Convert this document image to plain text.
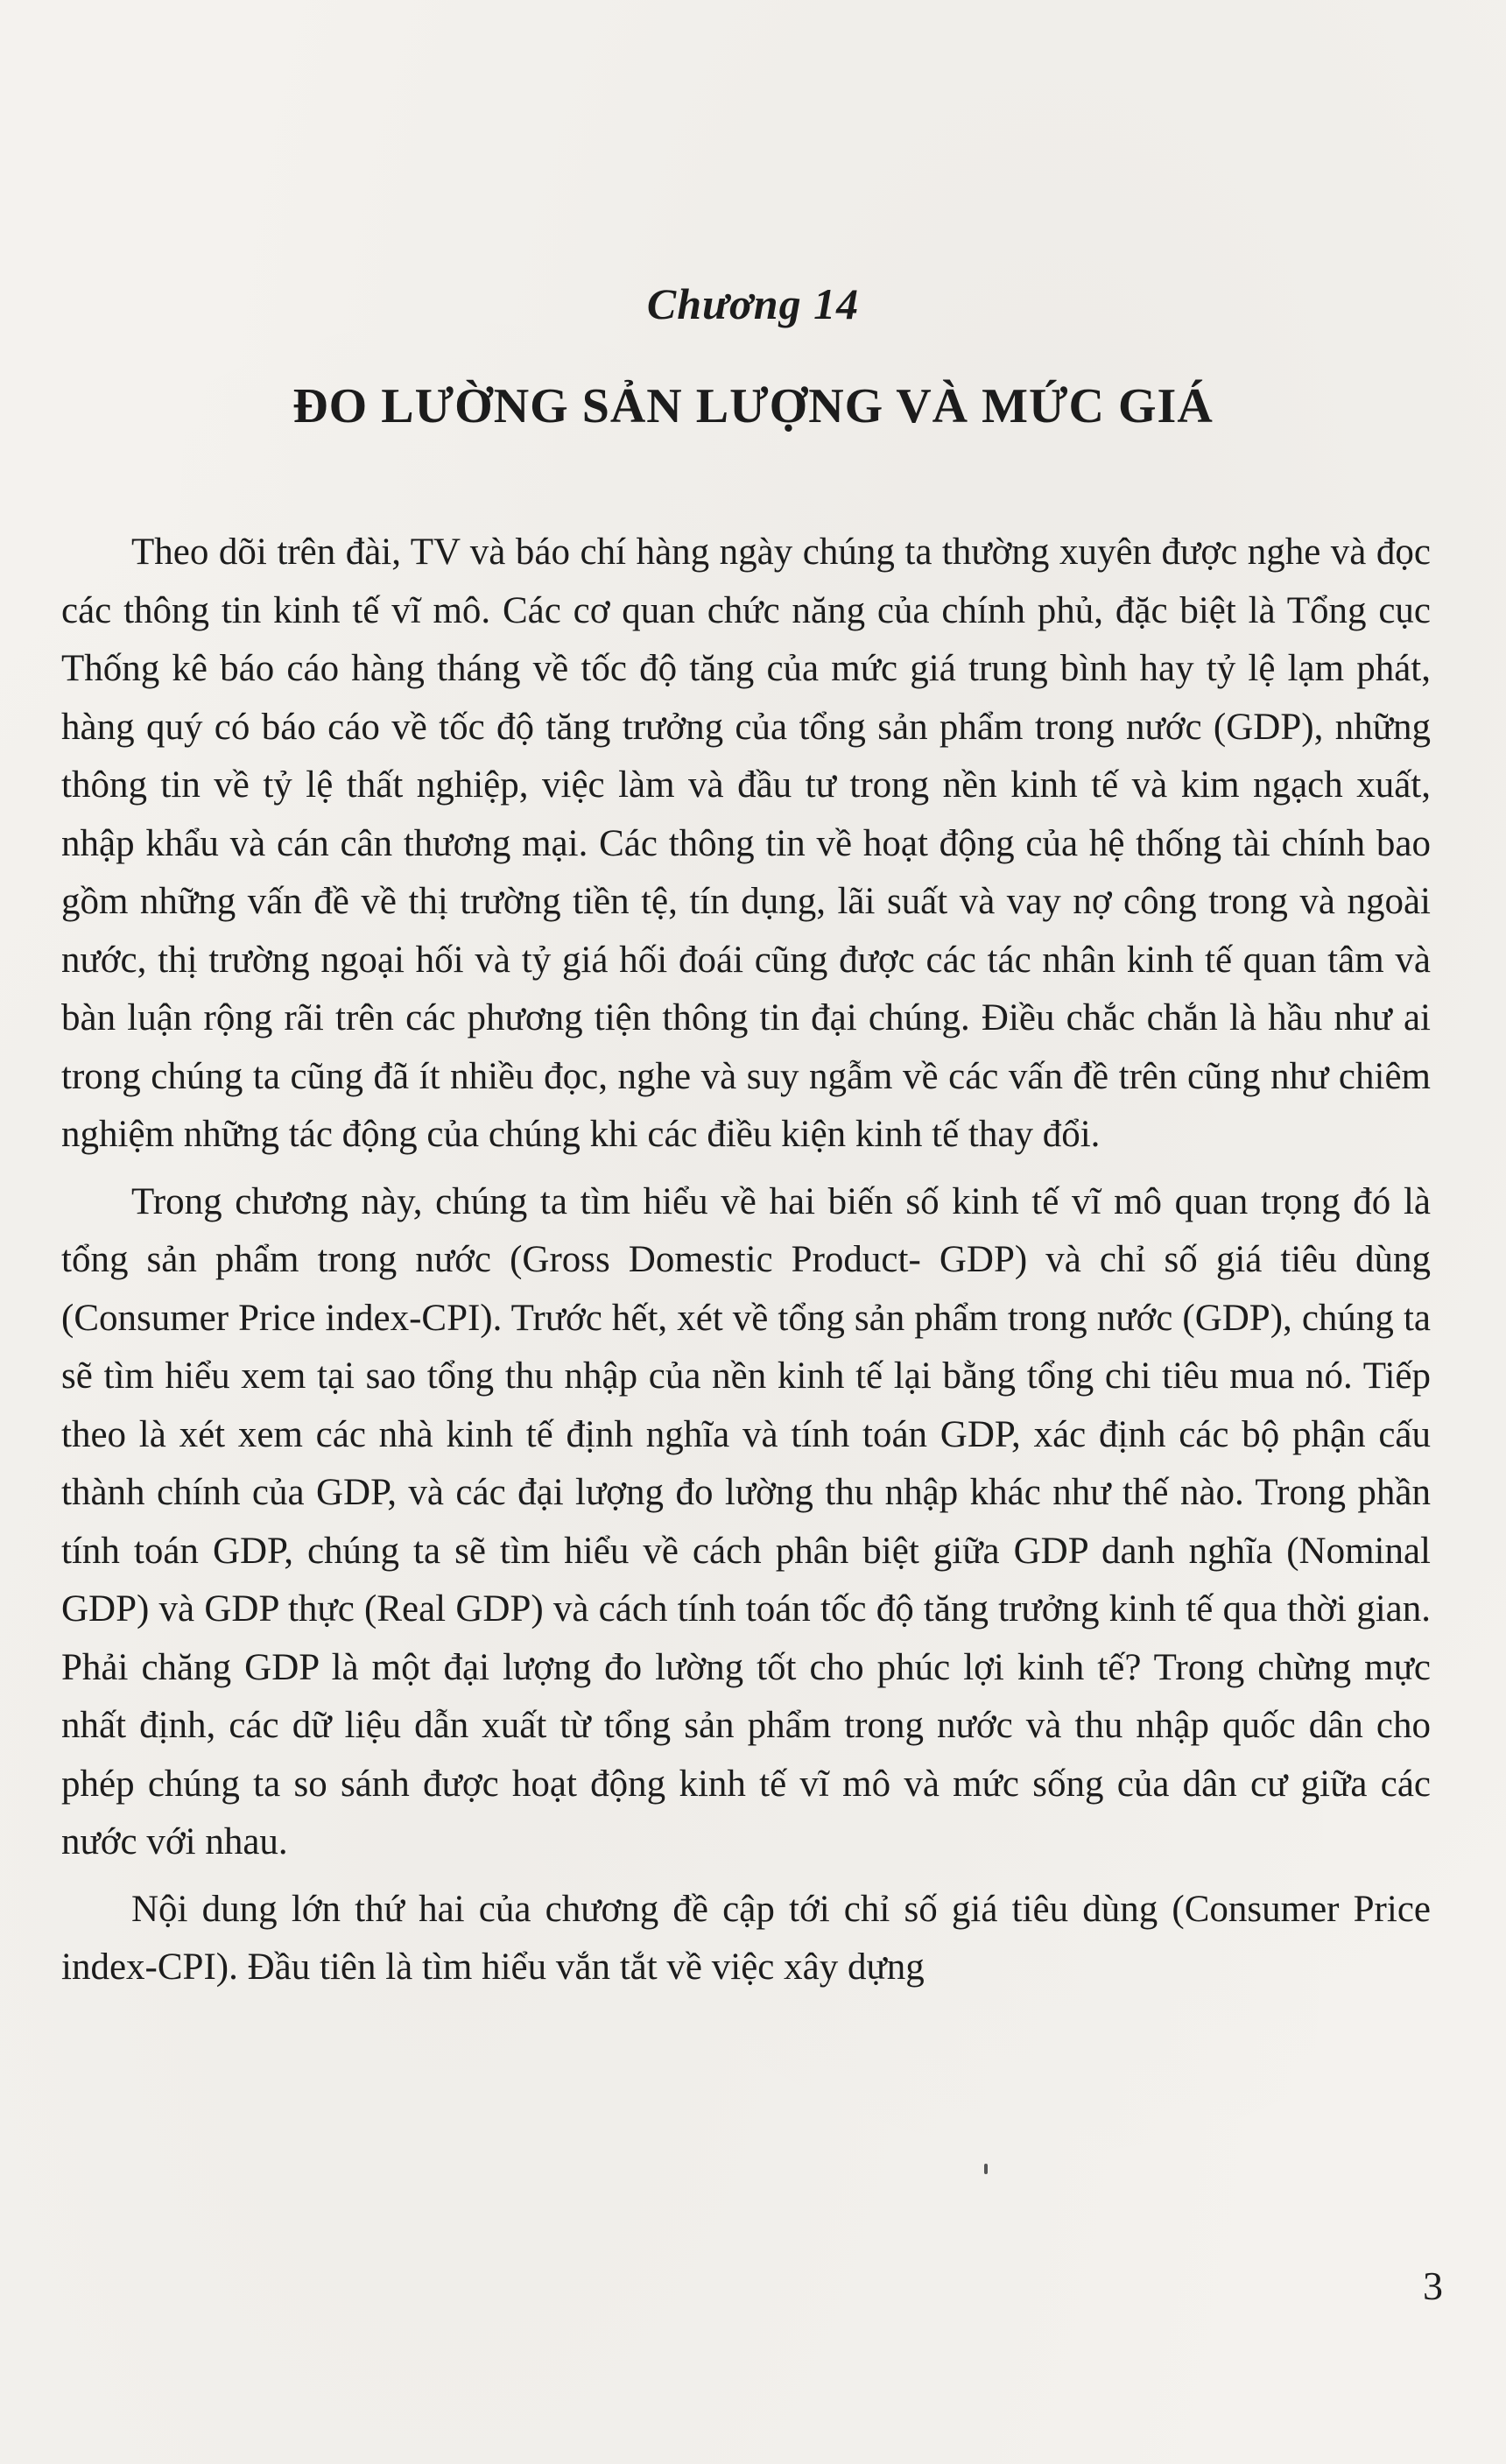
Chương 14
ĐO LƯỜNG SẢN LƯỢNG VÀ MỨC GIÁ

Theo dõi trên đài, TV và báo chí hàng ngày chúng ta thường xuyên được nghe và đọc các thông tin kinh tế vĩ mô. Các cơ quan chức năng của chính phủ, đặc biệt là Tổng cục Thống kê báo cáo hàng tháng về tốc độ tăng của mức giá trung bình hay tỷ lệ lạm phát, hàng quý có báo cáo về tốc độ tăng trưởng của tổng sản phẩm trong nước (GDP), những thông tin về tỷ lệ thất nghiệp, việc làm và đầu tư trong nền kinh tế và kim ngạch xuất, nhập khẩu và cán cân thương mại. Các thông tin về hoạt động của hệ thống tài chính bao gồm những vấn đề về thị trường tiền tệ, tín dụng, lãi suất và vay nợ công trong và ngoài nước, thị trường ngoại hối và tỷ giá hối đoái cũng được các tác nhân kinh tế quan tâm và bàn luận rộng rãi trên các phương tiện thông tin đại chúng. Điều chắc chắn là hầu như ai trong chúng ta cũng đã ít nhiều đọc, nghe và suy ngẫm về các vấn đề trên cũng như chiêm nghiệm những tác động của chúng khi các điều kiện kinh tế thay đổi.

Trong chương này, chúng ta tìm hiểu về hai biến số kinh tế vĩ mô quan trọng đó là tổng sản phẩm trong nước (Gross Domestic Product- GDP) và chỉ số giá tiêu dùng (Consumer Price index-CPI). Trước hết, xét về tổng sản phẩm trong nước (GDP), chúng ta sẽ tìm hiểu xem tại sao tổng thu nhập của nền kinh tế lại bằng tổng chi tiêu mua nó. Tiếp theo là xét xem các nhà kinh tế định nghĩa và tính toán GDP, xác định các bộ phận cấu thành chính của GDP, và các đại lượng đo lường thu nhập khác như thế nào. Trong phần tính toán GDP, chúng ta sẽ tìm hiểu về cách phân biệt giữa GDP danh nghĩa (Nominal GDP) và GDP thực (Real GDP) và cách tính toán tốc độ tăng trưởng kinh tế qua thời gian. Phải chăng GDP là một đại lượng đo lường tốt cho phúc lợi kinh tế? Trong chừng mực nhất định, các dữ liệu dẫn xuất từ tổng sản phẩm trong nước và thu nhập quốc dân cho phép chúng ta so sánh được hoạt động kinh tế vĩ mô và mức sống của dân cư giữa các nước với nhau.

Nội dung lớn thứ hai của chương đề cập tới chỉ số giá tiêu dùng (Consumer Price index-CPI). Đầu tiên là tìm hiểu vắn tắt về việc xây dựng

3
